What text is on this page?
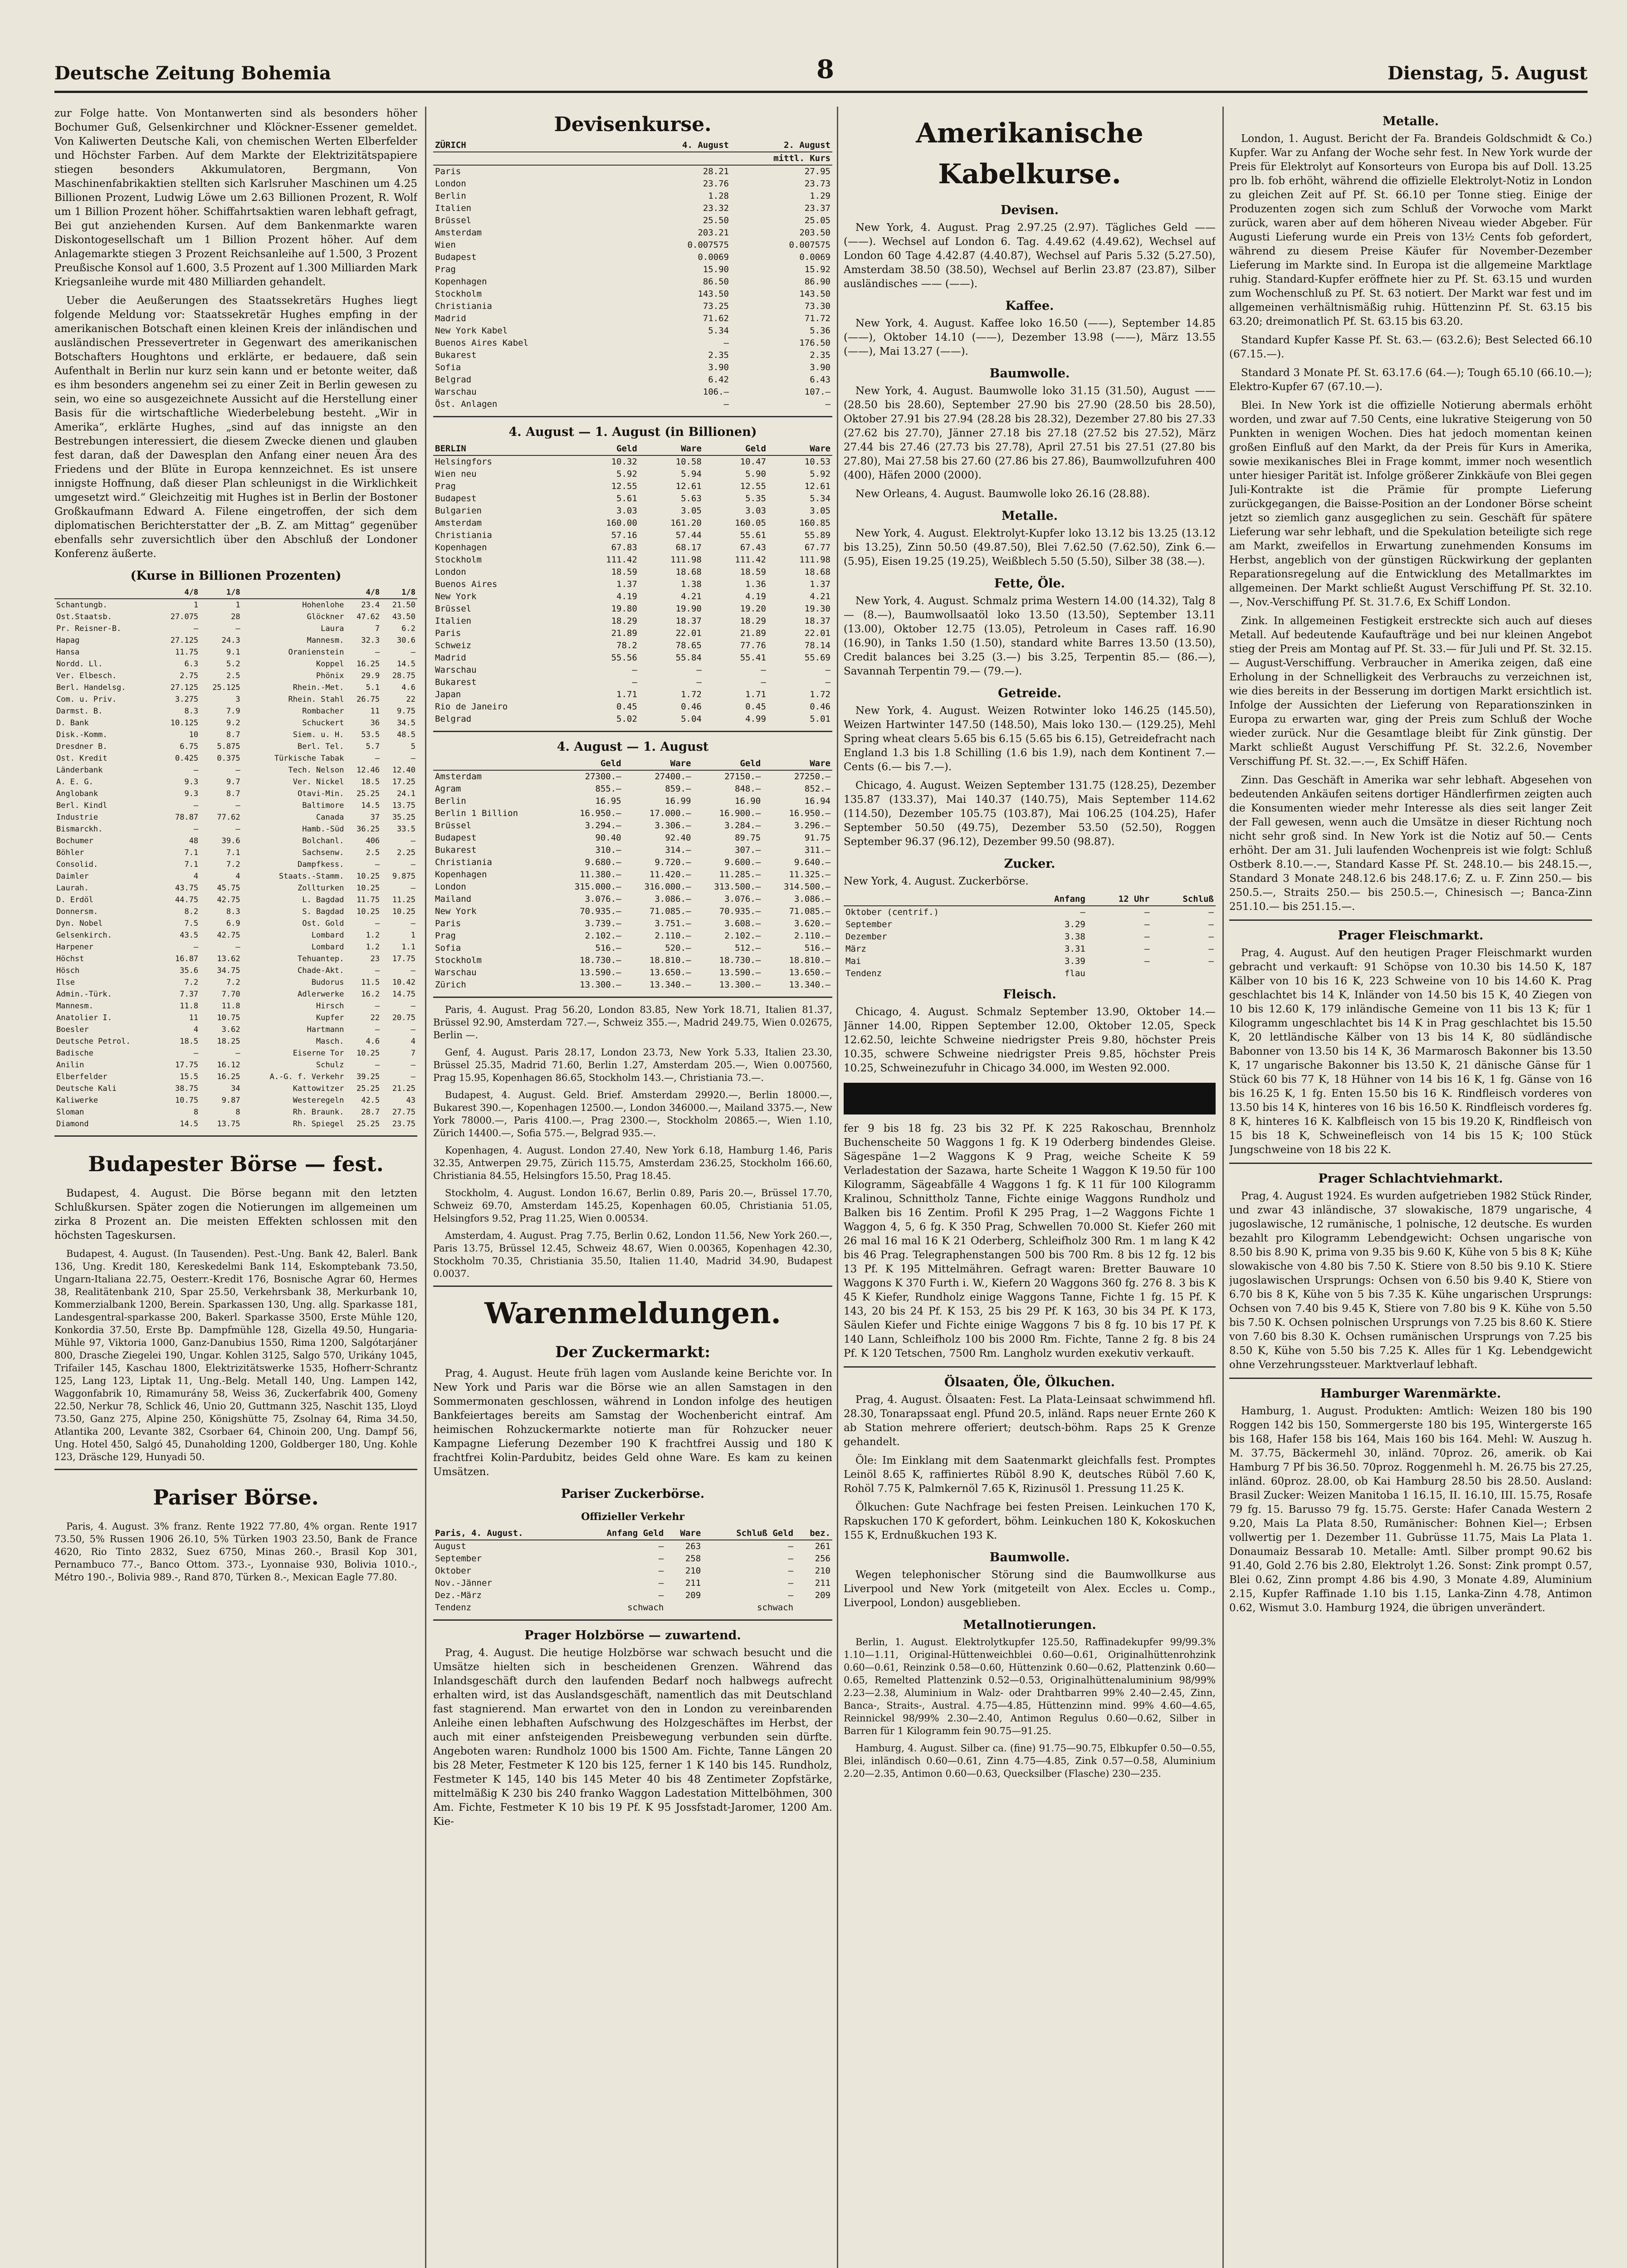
Deutsche Zeitung Bohemia	8	Dienstag, 5. August

zur Folge hatte. Von Montanwerten sind als besonders höher Bochumer Guß, Gelsenkirchner und Klöckner-Essener gemeldet. Von Kaliwerten Deutsche Kali, von chemischen Werten Elberfelder und Höchster Farben. Auf dem Markte der Elektrizitätspapiere stiegen besonders Akkumulatoren, Bergmann, Von Maschinenfabrikaktien stellten sich Karlsruher Maschinen um 4.25 Billionen Prozent, Ludwig Löwe um 2.63 Billionen Prozent, R. Wolf um 1 Billion Prozent höher. Schiffahrtsaktien waren lebhaft gefragt, Bei gut anziehenden Kursen. Auf dem Bankenmarkte waren Diskontogesellschaft um 1 Billion Prozent höher. Auf dem Anlagemarkte stiegen 3 Prozent Reichsanleihe auf 1.500, 3 Prozent Preußische Konsol auf 1.600, 3.5 Prozent auf 1.300 Milliarden Mark Kriegsanleihe wurde mit 480 Milliarden gehandelt.

Ueber die Aeußerungen des Staatssekretärs Hughes liegt folgende Meldung vor: Staatssekretär Hughes empfing in der amerikanischen Botschaft einen kleinen Kreis der inländischen und ausländischen Pressevertreter in Gegenwart des amerikanischen Botschafters Houghtons und erklärte, er bedauere, daß sein Aufenthalt in Berlin nur kurz sein kann und er betonte weiter, daß es ihm besonders angenehm sei zu einer Zeit in Berlin gewesen zu sein, wo eine so ausgezeichnete Aussicht auf die Herstellung einer Basis für die wirtschaftliche Wiederbelebung besteht. „Wir in Amerika“, erklärte Hughes, „sind auf das innigste an den Bestrebungen interessiert, die diesem Zwecke dienen und glauben fest daran, daß der Dawesplan den Anfang einer neuen Ära des Friedens und der Blüte in Europa kennzeichnet. Es ist unsere innigste Hoffnung, daß dieser Plan schleunigst in die Wirklichkeit umgesetzt wird.“ Gleichzeitig mit Hughes ist in Berlin der Bostoner Großkaufmann Edward A. Filene eingetroffen, der sich dem diplomatischen Berichterstatter der „B. Z. am Mittag“ gegenüber ebenfalls sehr zuversichtlich über den Abschluß der Londoner Konferenz äußerte.

(Kurse in Billionen Prozenten)
	4/8	1/8		4/8	1/8
Schantungb.	1	1	Hohenlohe	23.4	21.50
Ost.Staatsb.	27.075	28	Glöckner	47.62	43.50
Pr. Reisner-B.	—	—	Laura	7	6.2
Hapag	27.125	24.3	Mannesm.	32.3	30.6
Hansa	11.75	9.1	Oranienstein	—	—
Nordd. Ll.	6.3	5.2	Koppel	16.25	14.5
Ver. Elbesch.	2.75	2.5	Phönix	29.9	28.75
Berl. Handelsg.	27.125	25.125	Rhein.-Met.	5.1	4.6
Com. u. Priv.	3.275	3	Rhein. Stahl	26.75	22
Darmst. B.	8.3	7.9	Rombacher	11	9.75
D. Bank	10.125	9.2	Schuckert	36	34.5
Disk.-Komm.	10	8.7	Siem. u. H.	53.5	48.5
Dresdner B.	6.75	5.875	Berl. Tel.	5.7	5
Ost. Kredit	0.425	0.375	Türkische Tabak	—	—
Länderbank	—	—	Tech. Nelson	12.46	12.40
A. E. G.	9.3	9.7	Ver. Nickel	18.5	17.25
Anglobank	9.3	8.7	Otavi-Min.	25.25	24.1
Berl. Kindl	—	—	Baltimore	14.5	13.75
Industrie	78.87	77.62	Canada	37	35.25
Bismarckh.	—	—	Hamb.-Süd	36.25	33.5
Bochumer	48	39.6	Bolchanl.	406	—
Böhler	7.1	7.1	Sachsenw.	2.5	2.25
Consolid.	7.1	7.2	Dampfkess.	—	—
Daimler	4	4	Staats.-Stamm.	10.25	9.875
Laurah.	43.75	45.75	Zollturken	10.25	—
D. Erdöl	44.75	42.75	L. Bagdad	11.75	11.25
Donnersm.	8.2	8.3	S. Bagdad	10.25	10.25
Dyn. Nobel	7.5	6.9	Ost. Gold	—	—
Gelsenkirch.	43.5	42.75	Lombard	1.2	1
Harpener	—	—	Lombard	1.2	1.1
Höchst	16.87	13.62	Tehuantep.	23	17.75
Hösch	35.6	34.75	Chade-Akt.	—	—
Ilse	7.2	7.2	Budorus	11.5	10.42
Admin.-Türk.	7.37	7.70	Adlerwerke	16.2	14.75
Mannesm.	11.8	11.8	Hirsch	—	—
Anatolier I.	11	10.75	Kupfer	22	20.75
Boesler	4	3.62	Hartmann	—	—
Deutsche Petrol.	18.5	18.25	Masch.	4.6	4
Badische	—	—	Eiserne Tor	10.25	7
Anilin	17.75	16.12	Schulz	—	—
Elberfelder	15.5	16.25	A.-G. f. Verkehr	39.25	—
Deutsche Kali	38.75	34	Kattowitzer	25.25	21.25
Kaliwerke	10.75	9.87	Westeregeln	42.5	43
Sloman	8	8	Rh. Braunk.	28.7	27.75
Diamond	14.5	13.75	Rh. Spiegel	25.25	23.75
Budapester Börse — fest.

Budapest, 4. August. Die Börse begann mit den letzten Schlußkursen. Später zogen die Notierungen im allgemeinen um zirka 8 Prozent an. Die meisten Effekten schlossen mit den höchsten Tageskursen.

Budapest, 4. August. (In Tausenden). Pest.-Ung. Bank 42, Balerl. Bank 136, Ung. Kredit 180, Kereskedelmi Bank 114, Eskomptebank 73.50, Ungarn-Italiana 22.75, Oesterr.-Kredit 176, Bosnische Agrar 60, Hermes 38, Realitätenbank 210, Spar 25.50, Verkehrsbank 38, Merkurbank 10, Kommerzialbank 1200, Berein. Sparkassen 130, Ung. allg. Sparkasse 181, Landesgentral-sparkasse 200, Bakerl. Sparkasse 3500, Erste Mühle 120, Konkordia 37.50, Erste Bp. Dampfmühle 128, Gizella 49.50, Hungaria-Mühle 97, Viktoria 1000, Ganz-Danubius 1550, Rima 1200, Salgótarjáner 800, Drasche Ziegelei 190, Ungar. Kohlen 3125, Salgo 570, Urikány 1045, Trifailer 145, Kaschau 1800, Elektrizitätswerke 1535, Hofherr-Schrantz 125, Lang 123, Liptak 11, Ung.-Belg. Metall 140, Ung. Lampen 142, Waggonfabrik 10, Rimamurány 58, Weiss 36, Zuckerfabrik 400, Gomeny 22.50, Nerkur 78, Schlick 46, Unio 20, Guttmann 325, Naschit 135, Lloyd 73.50, Ganz 275, Alpine 250, Königshütte 75, Zsolnay 64, Rima 34.50, Atlantika 200, Levante 382, Csorbaer 64, Chinoin 200, Ung. Dampf 56, Ung. Hotel 450, Salgó 45, Dunaholding 1200, Goldberger 180, Ung. Kohle 123, Dräsche 129, Hunyadi 50.

Pariser Börse.

Paris, 4. August. 3% franz. Rente 1922 77.80, 4% organ. Rente 1917 73.50, 5% Russen 1906 26.10, 5% Türken 1903 23.50, Bank de France 4620, Rio Tinto 2832, Suez 6750, Minas 260.-, Brasil Kop 301, Pernambuco 77.-, Banco Ottom. 373.-, Lyonnaise 930, Bolivia 1010.-, Métro 190.-, Bolivia 989.-, Rand 870, Türken 8.-, Mexican Eagle 77.80.

Devisenkurse.
ZÜRICH	4. August	2. August
	mittl. Kurs	
Paris	28.21	27.95
London	23.76	23.73
Berlin	1.28	1.29
Italien	23.32	23.37
Brüssel	25.50	25.05
Amsterdam	203.21	203.50
Wien	0.007575	0.007575
Budapest	0.0069	0.0069
Prag	15.90	15.92
Kopenhagen	86.50	86.90
Stockholm	143.50	143.50
Christiania	73.25	73.30
Madrid	71.62	71.72
New York Kabel	5.34	5.36
Buenos Aires Kabel	—	176.50
Bukarest	2.35	2.35
Sofia	3.90	3.90
Belgrad	6.42	6.43
Warschau	106.—	107.—
Öst. Anlagen	—	—
4. August — 1. August (in Billionen)
BERLIN	Geld	Ware	Geld	Ware
Helsingfors	10.32	10.58	10.47	10.53
Wien neu	5.92	5.94	5.90	5.92
Prag	12.55	12.61	12.55	12.61
Budapest	5.61	5.63	5.35	5.34
Bulgarien	3.03	3.05	3.03	3.05
Amsterdam	160.00	161.20	160.05	160.85
Christiania	57.16	57.44	55.61	55.89
Kopenhagen	67.83	68.17	67.43	67.77
Stockholm	111.42	111.98	111.42	111.98
London	18.59	18.68	18.59	18.68
Buenos Aires	1.37	1.38	1.36	1.37
New York	4.19	4.21	4.19	4.21
Brüssel	19.80	19.90	19.20	19.30
Italien	18.29	18.37	18.29	18.37
Paris	21.89	22.01	21.89	22.01
Schweiz	78.2	78.65	77.76	78.14
Madrid	55.56	55.84	55.41	55.69
Warschau	—	—	—	—
Bukarest	—	—	—	—
Japan	1.71	1.72	1.71	1.72
Rio de Janeiro	0.45	0.46	0.45	0.46
Belgrad	5.02	5.04	4.99	5.01
4. August — 1. August
	Geld	Ware	Geld	Ware
Amsterdam	27300.—	27400.—	27150.—	27250.—
Agram	855.—	859.—	848.—	852.—
Berlin	16.95	16.99	16.90	16.94
Berlin 1 Billion	16.950.—	17.000.—	16.900.—	16.950.—
Brüssel	3.294.—	3.306.—	3.284.—	3.296.—
Budapest	90.40	92.40	89.75	91.75
Bukarest	310.—	314.—	307.—	311.—
Christiania	9.680.—	9.720.—	9.600.—	9.640.—
Kopenhagen	11.380.—	11.420.—	11.285.—	11.325.—
London	315.000.—	316.000.—	313.500.—	314.500.—
Mailand	3.076.—	3.086.—	3.076.—	3.086.—
New York	70.935.—	71.085.—	70.935.—	71.085.—
Paris	3.739.—	3.751.—	3.608.—	3.620.—
Prag	2.102.—	2.110.—	2.102.—	2.110.—
Sofia	516.—	520.—	512.—	516.—
Stockholm	18.730.—	18.810.—	18.730.—	18.810.—
Warschau	13.590.—	13.650.—	13.590.—	13.650.—
Zürich	13.300.—	13.340.—	13.300.—	13.340.—

Paris, 4. August. Prag 56.20, London 83.85, New York 18.71, Italien 81.37, Brüssel 92.90, Amsterdam 727.—, Schweiz 355.—, Madrid 249.75, Wien 0.02675, Berlin —.

Genf, 4. August. Paris 28.17, London 23.73, New York 5.33, Italien 23.30, Brüssel 25.35, Madrid 71.60, Berlin 1.27, Amsterdam 205.—, Wien 0.007560, Prag 15.95, Kopenhagen 86.65, Stockholm 143.—, Christiania 73.—.

Budapest, 4. August. Geld. Brief. Amsterdam 29920.—, Berlin 18000.—, Bukarest 390.—, Kopenhagen 12500.—, London 346000.—, Mailand 3375.—, New York 78000.—, Paris 4100.—, Prag 2300.—, Stockholm 20865.—, Wien 1.10, Zürich 14400.—, Sofia 575.—, Belgrad 935.—.

Kopenhagen, 4. August. London 27.40, New York 6.18, Hamburg 1.46, Paris 32.35, Antwerpen 29.75, Zürich 115.75, Amsterdam 236.25, Stockholm 166.60, Christiania 84.55, Helsingfors 15.50, Prag 18.45.

Stockholm, 4. August. London 16.67, Berlin 0.89, Paris 20.—, Brüssel 17.70, Schweiz 69.70, Amsterdam 145.25, Kopenhagen 60.05, Christiania 51.05, Helsingfors 9.52, Prag 11.25, Wien 0.00534.

Amsterdam, 4. August. Prag 7.75, Berlin 0.62, London 11.56, New York 260.—, Paris 13.75, Brüssel 12.45, Schweiz 48.67, Wien 0.00365, Kopenhagen 42.30, Stockholm 70.35, Christiania 35.50, Italien 11.40, Madrid 34.90, Budapest 0.0037.

Warenmeldungen.
Der Zuckermarkt:

Prag, 4. August. Heute früh lagen vom Auslande keine Berichte vor. In New York und Paris war die Börse wie an allen Samstagen in den Sommermonaten geschlossen, während in London infolge des heutigen Bankfeiertages bereits am Samstag der Wochenbericht eintraf. Am heimischen Rohzuckermarkte notierte man für Rohzucker neuer Kampagne Lieferung Dezember 190 K frachtfrei Aussig und 180 K frachtfrei Kolin-Pardubitz, beides Geld ohne Ware. Es kam zu keinen Umsätzen.

Pariser Zuckerbörse.
Offizieller Verkehr
Paris, 4. August.	Anfang Geld	Ware	Schluß Geld	bez.
August	—	263	—	261
September	—	258	—	256
Oktober	—	210	—	210
Nov.-Jänner	—	211	—	211
Dez.-März	—	209	—	209
Tendenz	schwach		schwach	
Prager Holzbörse — zuwartend.

Prag, 4. August. Die heutige Holzbörse war schwach besucht und die Umsätze hielten sich in bescheidenen Grenzen. Während das Inlandsgeschäft durch den laufenden Bedarf noch halbwegs aufrecht erhalten wird, ist das Auslandsgeschäft, namentlich das mit Deutschland fast stagnierend. Man erwartet von den in London zu vereinbarenden Anleihe einen lebhaften Aufschwung des Holzgeschäftes im Herbst, der auch mit einer anfsteigenden Preisbewegung verbunden sein dürfte. Angeboten waren: Rundholz 1000 bis 1500 Am. Fichte, Tanne Längen 20 bis 28 Meter, Festmeter K 120 bis 125, ferner 1 K 140 bis 145. Rundholz, Festmeter K 145, 140 bis 145 Meter 40 bis 48 Zentimeter Zopfstärke, mittelmäßig K 230 bis 240 franko Waggon Ladestation Mittelböhmen, 300 Am. Fichte, Festmeter K 10 bis 19 Pf. K 95 Jossfstadt-Jaromer, 1200 Am. Kie-

Amerikanische Kabelkurse.
Devisen.

New York, 4. August. Prag 2.97.25 (2.97). Tägliches Geld —— (——). Wechsel auf London 6. Tag. 4.49.62 (4.49.62), Wechsel auf London 60 Tage 4.42.87 (4.40.87), Wechsel auf Paris 5.32 (5.27.50), Amsterdam 38.50 (38.50), Wechsel auf Berlin 23.87 (23.87), Silber ausländisches —— (——).

Kaffee.

New York, 4. August. Kaffee loko 16.50 (——), September 14.85 (——), Oktober 14.10 (——), Dezember 13.98 (——), März 13.55 (——), Mai 13.27 (——).

Baumwolle.

New York, 4. August. Baumwolle loko 31.15 (31.50), August —— (28.50 bis 28.60), September 27.90 bis 27.90 (28.50 bis 28.50), Oktober 27.91 bis 27.94 (28.28 bis 28.32), Dezember 27.80 bis 27.33 (27.62 bis 27.70), Jänner 27.18 bis 27.18 (27.52 bis 27.52), März 27.44 bis 27.46 (27.73 bis 27.78), April 27.51 bis 27.51 (27.80 bis 27.80), Mai 27.58 bis 27.60 (27.86 bis 27.86), Baumwollzufuhren 400 (400), Häfen 2000 (2000).

New Orleans, 4. August. Baumwolle loko 26.16 (28.88).

Metalle.

New York, 4. August. Elektrolyt-Kupfer loko 13.12 bis 13.25 (13.12 bis 13.25), Zinn 50.50 (49.87.50), Blei 7.62.50 (7.62.50), Zink 6.— (5.95), Eisen 19.25 (19.25), Weißblech 5.50 (5.50), Silber 38 (38.—).

Fette, Öle.

New York, 4. August. Schmalz prima Western 14.00 (14.32), Talg 8 — (8.—), Baumwollsaatöl loko 13.50 (13.50), September 13.11 (13.00), Oktober 12.75 (13.05), Petroleum in Cases raff. 16.90 (16.90), in Tanks 1.50 (1.50), standard white Barres 13.50 (13.50), Credit balances bei 3.25 (3.—) bis 3.25, Terpentin 85.— (86.—), Savannah Terpentin 79.— (79.—).

Getreide.

New York, 4. August. Weizen Rotwinter loko 146.25 (145.50), Weizen Hartwinter 147.50 (148.50), Mais loko 130.— (129.25), Mehl Spring wheat clears 5.65 bis 6.15 (5.65 bis 6.15), Getreidefracht nach England 1.3 bis 1.8 Schilling (1.6 bis 1.9), nach dem Kontinent 7.— Cents (6.— bis 7.—).

Chicago, 4. August. Weizen September 131.75 (128.25), Dezember 135.87 (133.37), Mai 140.37 (140.75), Mais September 114.62 (114.50), Dezember 105.75 (103.87), Mai 106.25 (104.25), Hafer September 50.50 (49.75), Dezember 53.50 (52.50), Roggen September 96.37 (96.12), Dezember 99.50 (98.87).

Zucker.

New York, 4. August. Zuckerbörse.

	Anfang	12 Uhr	Schluß
Oktober (centrif.)	—	—	—
September	3.29	—	—
Dezember	3.38	—	—
März	3.31	—	—
Mai	3.39	—	—
Tendenz	flau		
Fleisch.

Chicago, 4. August. Schmalz September 13.90, Oktober 14.— Jänner 14.00, Rippen September 12.00, Oktober 12.05, Speck 12.62.50, leichte Schweine niedrigster Preis 9.80, höchster Preis 10.35, schwere Schweine niedrigster Preis 9.85, höchster Preis 10.25, Schweinezufuhr in Chicago 34.000, im Westen 92.000.

fer 9 bis 18 fg. 23 bis 32 Pf. K 225 Rakoschau, Brennholz Buchenscheite 50 Waggons 1 fg. K 19 Oderberg bindendes Gleise. Sägespäne 1—2 Waggons K 9 Prag, weiche Scheite K 59 Verladestation der Sazawa, harte Scheite 1 Waggon K 19.50 für 100 Kilogramm, Sägeabfälle 4 Waggons 1 fg. K 11 für 100 Kilogramm Kralinou, Schnittholz Tanne, Fichte einige Waggons Rundholz und Balken bis 16 Zentim. Profil K 295 Prag, 1—2 Waggons Fichte 1 Waggon 4, 5, 6 fg. K 350 Prag, Schwellen 70.000 St. Kiefer 260 mit 26 mal 16 mal 16 K 21 Oderberg, Schleifholz 300 Rm. 1 m lang K 42 bis 46 Prag. Telegraphenstangen 500 bis 700 Rm. 8 bis 12 fg. 12 bis 13 Pf. K 195 Mittelmähren. Gefragt waren: Bretter Bauware 10 Waggons K 370 Furth i. W., Kiefern 20 Waggons 360 fg. 276 8. 3 bis K 45 K Kiefer, Rundholz einige Waggons Tanne, Fichte 1 fg. 15 Pf. K 143, 20 bis 24 Pf. K 153, 25 bis 29 Pf. K 163, 30 bis 34 Pf. K 173, Säulen Kiefer und Fichte einige Waggons 7 bis 8 fg. 10 bis 17 Pf. K 140 Lann, Schleifholz 100 bis 2000 Rm. Fichte, Tanne 2 fg. 8 bis 24 Pf. K 120 Tetschen, 7500 Rm. Langholz wurden exekutiv verkauft.

Ölsaaten, Öle, Ölkuchen.

Prag, 4. August. Ölsaaten: Fest. La Plata-Leinsaat schwimmend hfl. 28.30, Tonarapssaat engl. Pfund 20.5, inländ. Raps neuer Ernte 260 K ab Station mehrere offeriert; deutsch-böhm. Raps 25 K Grenze gehandelt.

Öle: Im Einklang mit dem Saatenmarkt gleichfalls fest. Promptes Leinöl 8.65 K, raffiniertes Rüböl 8.90 K, deutsches Rüböl 7.60 K, Rohöl 7.75 K, Palmkernöl 7.65 K, Rizinusöl 1. Pressung 11.25 K.

Ölkuchen: Gute Nachfrage bei festen Preisen. Leinkuchen 170 K, Rapskuchen 170 K gefordert, böhm. Leinkuchen 180 K, Kokoskuchen 155 K, Erdnußkuchen 193 K.

Baumwolle.

Wegen telephonischer Störung sind die Baumwollkurse aus Liverpool und New York (mitgeteilt von Alex. Eccles u. Comp., Liverpool, London) ausgeblieben.

Metallnotierungen.

Berlin, 1. August. Elektrolytkupfer 125.50, Raffinadekupfer 99/99.3% 1.10—1.11, Original-Hüttenweichblei 0.60—0.61, Originalhüttenrohzink 0.60—0.61, Reinzink 0.58—0.60, Hüttenzink 0.60—0.62, Plattenzink 0.60—0.65, Remelted Plattenzink 0.52—0.53, Originalhüttenaluminium 98/99% 2.23—2.38, Aluminium in Walz- oder Drahtbarren 99% 2.40—2.45, Zinn, Banca-, Straits-, Austral. 4.75—4.85, Hüttenzinn mind. 99% 4.60—4.65, Reinnickel 98/99% 2.30—2.40, Antimon Regulus 0.60—0.62, Silber in Barren für 1 Kilogramm fein 90.75—91.25.

Hamburg, 4. August. Silber ca. (fine) 91.75—90.75, Elbkupfer 0.50—0.55, Blei, inländisch 0.60—0.61, Zinn 4.75—4.85, Zink 0.57—0.58, Aluminium 2.20—2.35, Antimon 0.60—0.63, Quecksilber (Flasche) 230—235.

Metalle.

London, 1. August. Bericht der Fa. Brandeis Goldschmidt & Co.) Kupfer. War zu Anfang der Woche sehr fest. In New York wurde der Preis für Elektrolyt auf Konsorteurs von Europa bis auf Doll. 13.25 pro lb. fob erhöht, während die offizielle Elektrolyt-Notiz in London zu gleichen Zeit auf Pf. St. 66.10 per Tonne stieg. Einige der Produzenten zogen sich zum Schluß der Vorwoche vom Markt zurück, waren aber auf dem höheren Niveau wieder Abgeber. Für Augusti Lieferung wurde ein Preis von 13½ Cents fob gefordert, während zu diesem Preise Käufer für November-Dezember Lieferung im Markte sind. In Europa ist die allgemeine Marktlage ruhig. Standard-Kupfer eröffnete hier zu Pf. St. 63.15 und wurden zum Wochenschluß zu Pf. St. 63 notiert. Der Markt war fest und im allgemeinen verhältnismäßig ruhig. Hüttenzinn Pf. St. 63.15 bis 63.20; dreimonatlich Pf. St. 63.15 bis 63.20.

Standard Kupfer Kasse Pf. St. 63.— (63.2.6); Best Selected 66.10 (67.15.—).

Standard 3 Monate Pf. St. 63.17.6 (64.—); Tough 65.10 (66.10.—); Elektro-Kupfer 67 (67.10.—).

Blei. In New York ist die offizielle Notierung abermals erhöht worden, und zwar auf 7.50 Cents, eine lukrative Steigerung von 50 Punkten in wenigen Wochen. Dies hat jedoch momentan keinen großen Einfluß auf den Markt, da der Preis für Kurs in Amerika, sowie mexikanisches Blei in Frage kommt, immer noch wesentlich unter hiesiger Parität ist. Infolge größerer Zinkkäufe von Blei gegen Juli-Kontrakte ist die Prämie für prompte Lieferung zurückgegangen, die Baisse-Position an der Londoner Börse scheint jetzt so ziemlich ganz ausgeglichen zu sein. Geschäft für spätere Lieferung war sehr lebhaft, und die Spekulation beteiligte sich rege am Markt, zweifellos in Erwartung zunehmenden Konsums im Herbst, angeblich von der günstigen Rückwirkung der geplanten Reparationsregelung auf die Entwicklung des Metallmarktes im allgemeinen. Der Markt schließt August Verschiffung Pf. St. 32.10.—, Nov.-Verschiffung Pf. St. 31.7.6, Ex Schiff London.

Zink. In allgemeinen Festigkeit erstreckte sich auch auf dieses Metall. Auf bedeutende Kaufaufträge und bei nur kleinen Angebot stieg der Preis am Montag auf Pf. St. 33.— für Juli und Pf. St. 32.15.— August-Verschiffung. Verbraucher in Amerika zeigen, daß eine Erholung in der Schnelligkeit des Verbrauchs zu verzeichnen ist, wie dies bereits in der Besserung im dortigen Markt ersichtlich ist. Infolge der Aussichten der Lieferung von Reparationszinken in Europa zu erwarten war, ging der Preis zum Schluß der Woche wieder zurück. Nur die Gesamtlage bleibt für Zink günstig. Der Markt schließt August Verschiffung Pf. St. 32.2.6, November Verschiffung Pf. St. 32.—.—, Ex Schiff Häfen.

Zinn. Das Geschäft in Amerika war sehr lebhaft. Abgesehen von bedeutenden Ankäufen seitens dortiger Händlerfirmen zeigten auch die Konsumenten wieder mehr Interesse als dies seit langer Zeit der Fall gewesen, wenn auch die Umsätze in dieser Richtung noch nicht sehr groß sind. In New York ist die Notiz auf 50.— Cents erhöht. Der am 31. Juli laufenden Wochenpreis ist wie folgt: Schluß Ostberk 8.10.—.—, Standard Kasse Pf. St. 248.10.— bis 248.15.—, Standard 3 Monate 248.12.6 bis 248.17.6; Z. u. F. Zinn 250.— bis 250.5.—, Straits 250.— bis 250.5.—, Chinesisch —; Banca-Zinn 251.10.— bis 251.15.—.

Prager Fleischmarkt.

Prag, 4. August. Auf den heutigen Prager Fleischmarkt wurden gebracht und verkauft: 91 Schöpse von 10.30 bis 14.50 K, 187 Kälber von 10 bis 16 K, 223 Schweine von 10 bis 14.60 K. Prag geschlachtet bis 14 K, Inländer von 14.50 bis 15 K, 40 Ziegen von 10 bis 12.60 K, 179 inländische Gemeine von 11 bis 13 K; für 1 Kilogramm ungeschlachtet bis 14 K in Prag geschlachtet bis 15.50 K, 20 lettländische Kälber von 13 bis 14 K, 80 südländische Babonner von 13.50 bis 14 K, 36 Marmarosch Bakonner bis 13.50 K, 17 ungarische Bakonner bis 13.50 K, 21 dänische Gänse für 1 Stück 60 bis 77 K, 18 Hühner von 14 bis 16 K, 1 fg. Gänse von 16 bis 16.25 K, 1 fg. Enten 15.50 bis 16 K. Rindfleisch vorderes von 13.50 bis 14 K, hinteres von 16 bis 16.50 K. Rindfleisch vorderes fg. 8 K, hinteres 16 K. Kalbfleisch von 15 bis 19.20 K, Rindfleisch von 15 bis 18 K, Schweinefleisch von 14 bis 15 K; 100 Stück Jungschweine von 18 bis 22 K.

Prager Schlachtviehmarkt.

Prag, 4. August 1924. Es wurden aufgetrieben 1982 Stück Rinder, und zwar 43 inländische, 37 slowakische, 1879 ungarische, 4 jugoslawische, 12 rumänische, 1 polnische, 12 deutsche. Es wurden bezahlt pro Kilogramm Lebendgewicht: Ochsen ungarische von 8.50 bis 8.90 K, prima von 9.35 bis 9.60 K, Kühe von 5 bis 8 K; Kühe slowakische von 4.80 bis 7.50 K. Stiere von 8.50 bis 9.10 K. Stiere jugoslawischen Ursprungs: Ochsen von 6.50 bis 9.40 K, Stiere von 6.70 bis 8 K, Kühe von 5 bis 7.35 K. Kühe ungarischen Ursprungs: Ochsen von 7.40 bis 9.45 K, Stiere von 7.80 bis 9 K. Kühe von 5.50 bis 7.50 K. Ochsen polnischen Ursprungs von 7.25 bis 8.60 K. Stiere von 7.60 bis 8.30 K. Ochsen rumänischen Ursprungs von 7.25 bis 8.50 K, Kühe von 5.50 bis 7.25 K. Alles für 1 Kg. Lebendgewicht ohne Verzehrungssteuer. Marktverlauf lebhaft.

Hamburger Warenmärkte.

Hamburg, 1. August. Produkten: Amtlich: Weizen 180 bis 190 Roggen 142 bis 150, Sommergerste 180 bis 195, Wintergerste 165 bis 168, Hafer 158 bis 164, Mais 160 bis 164. Mehl: W. Auszug h. M. 37.75, Bäckermehl 30, inländ. 70proz. 26, amerik. ob Kai Hamburg 7 Pf bis 36.50. 70proz. Roggenmehl h. M. 26.75 bis 27.25, inländ. 60proz. 28.00, ob Kai Hamburg 28.50 bis 28.50. Ausland: Brasil Zucker: Weizen Manitoba 1 16.15, II. 16.10, III. 15.75, Rosafe 79 fg. 15. Barusso 79 fg. 15.75. Gerste: Hafer Canada Western 2 9.20, Mais La Plata 8.50, Rumänischer: Bohnen Kiel—; Erbsen vollwertig per 1. Dezember 11. Gubrüsse 11.75, Mais La Plata 1. Donaumaiz Bessarab 10. Metalle: Amtl. Silber prompt 90.62 bis 91.40, Gold 2.76 bis 2.80, Elektrolyt 1.26. Sonst: Zink prompt 0.57, Blei 0.62, Zinn prompt 4.86 bis 4.90, 3 Monate 4.89, Aluminium 2.15, Kupfer Raffinade 1.10 bis 1.15, Lanka-Zinn 4.78, Antimon 0.62, Wismut 3.0. Hamburg 1924, die übrigen unverändert.
